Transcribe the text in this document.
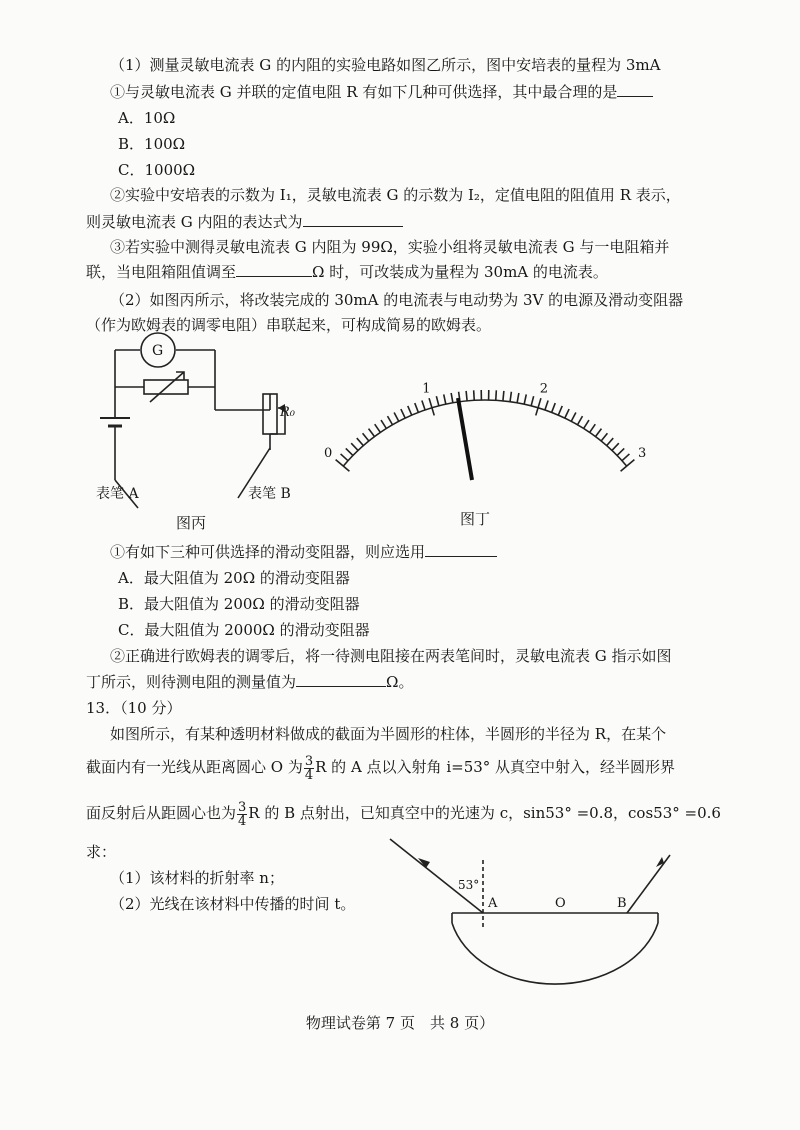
（1）测量灵敏电流表 G 的内阻的实验电路如图乙所示，图中安培表的量程为 3mA
①与灵敏电流表 G 并联的定值电阻 R 有如下几种可供选择，其中最合理的是
A．10Ω
B．100Ω
C．1000Ω
②实验中安培表的示数为 I₁，灵敏电流表 G 的示数为 I₂，定值电阻的阻值用 R 表示，
则灵敏电流表 G 内阻的表达式为
③若实验中测得灵敏电流表 G 内阻为 99Ω，实验小组将灵敏电流表 G 与一电阻箱并
联，当电阻箱阻值调至	Ω 时，可改装成为量程为 30mA 的电流表。
（2）如图丙所示，将改装完成的 30mA 的电流表与电动势为 3V 的电源及滑动变阻器
（作为欧姆表的调零电阻）串联起来，可构成简易的欧姆表。
G
R₀
表笔 A	表笔 B
图丙
0
1	2
3
图丁
①有如下三种可供选择的滑动变阻器，则应选用
A．最大阻值为 20Ω 的滑动变阻器
B．最大阻值为 200Ω 的滑动变阻器
C．最大阻值为 2000Ω 的滑动变阻器
②正确进行欧姆表的调零后，将一待测电阻接在两表笔间时，灵敏电流表 G 指示如图
丁所示，则待测电阻的测量值为	Ω。
13．（10 分）
如图所示，有某种透明材料做成的截面为半圆形的柱体，半圆形的半径为 R，在某个
截面内有一光线从距离圆心 O 为 $\frac{3}{4}$ R 的 A 点以入射角 i=53° 从真空中射入，经半圆形界
面反射后从距圆心也为 $\frac{3}{4}$ R 的 B 点射出，已知真空中的光速为 c，sin53° =0.8，cos53° =0.6
求：
（1）该材料的折射率 n；
（2）光线在该材料中传播的时间 t。
53°
A	O	B
物理试卷第 7 页　共 8 页）
